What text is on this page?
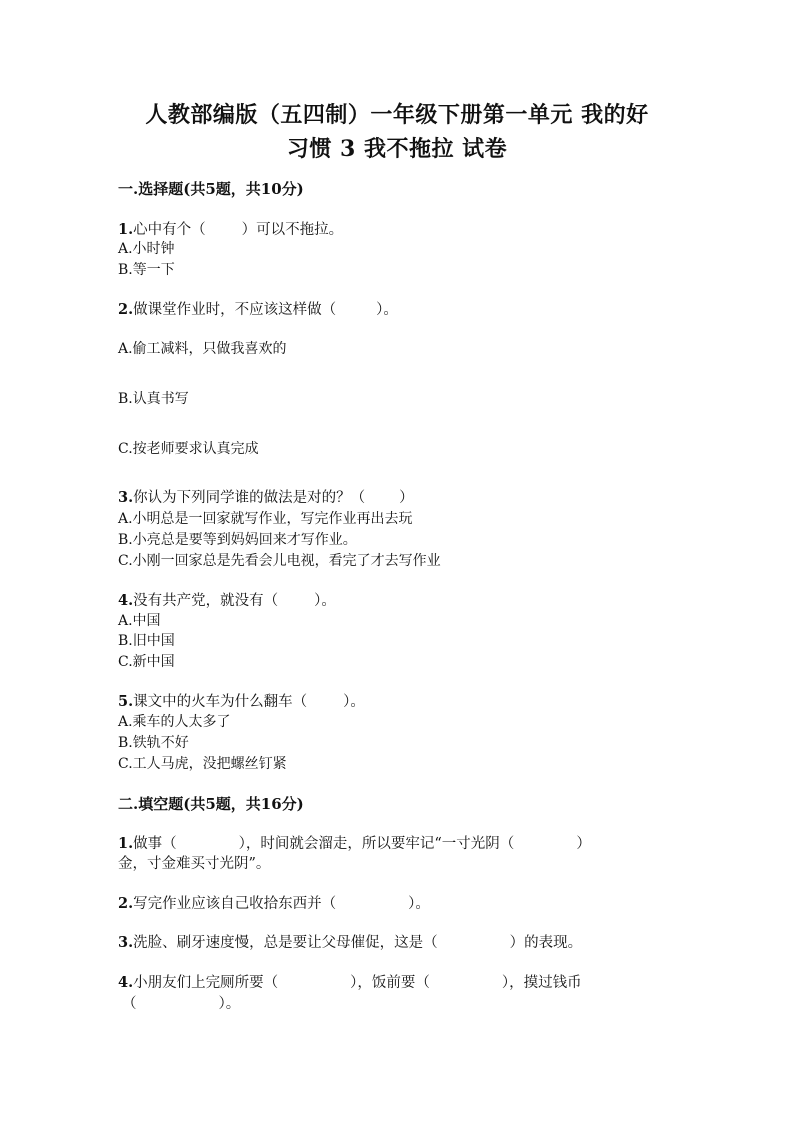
人教部编版（五四制）一年级下册第一单元 我的好
习惯 3 我不拖拉 试卷
一.选择题(共5题，共10分)
1.心中有个（ ）可以不拖拉。
A.小时钟
B.等一下
2.做课堂作业时，不应该这样做（	）。
A.偷工减料，只做我喜欢的
B.认真书写
C.按老师要求认真完成
3.你认为下列同学谁的做法是对的？（ ）
A.小明总是一回家就写作业，写完作业再出去玩
B.小亮总是要等到妈妈回来才写作业。
C.小刚一回家总是先看会儿电视，看完了才去写作业
4.没有共产党，就没有（ ）。
A.中国
B.旧中国
C.新中国
5.课文中的火车为什么翻车（ ）。
A.乘车的人太多了
B.铁轨不好
C.工人马虎，没把螺丝钉紧
二.填空题(共5题，共16分)
1.做事（	），时间就会溜走，所以要牢记“一寸光阴（	）
金，寸金难买寸光阴”。
2.写完作业应该自己收拾东西并（	）。
3.洗脸、刷牙速度慢，总是要让父母催促，这是（	）的表现。
4.小朋友们上完厕所要（	），饭前要（	），摸过钱币
（	）。
